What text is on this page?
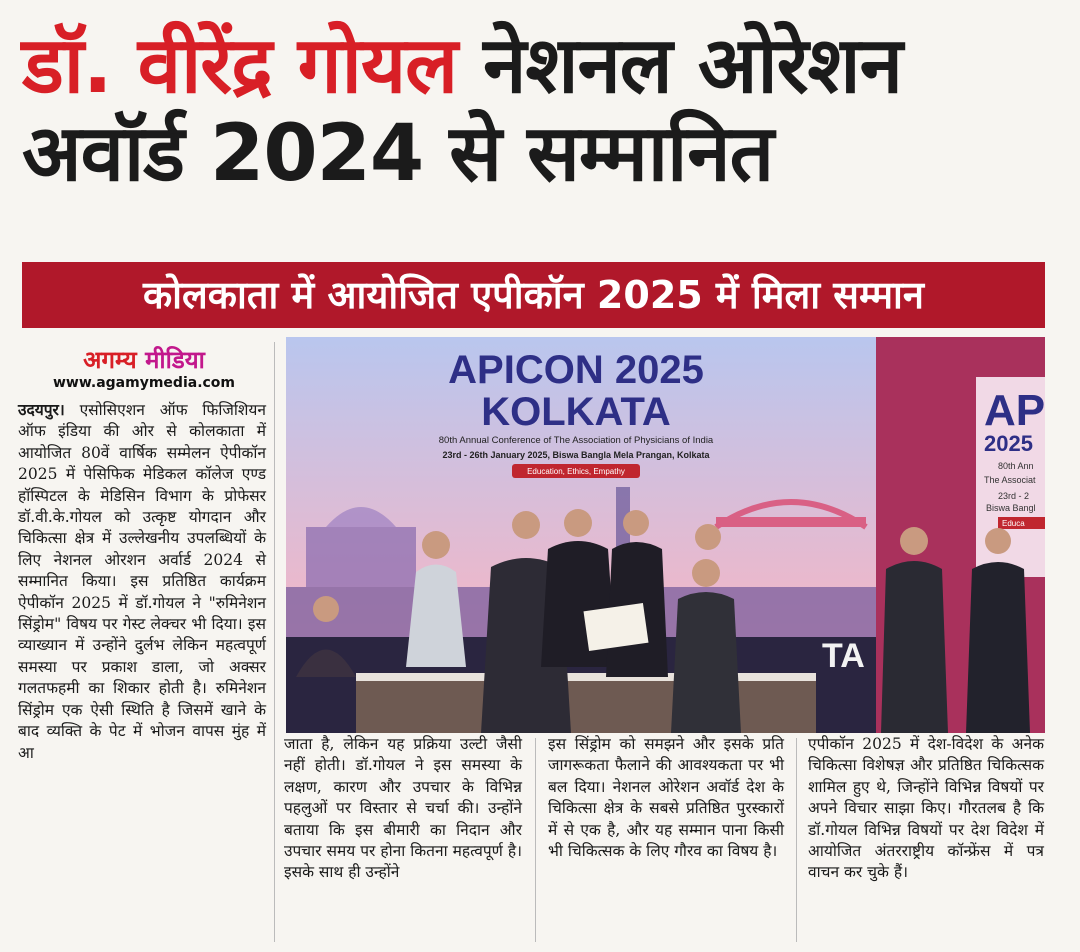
डॉ. वीरेंद्र गोयल नेशनल ओरेशन
अवॉर्ड 2024 से सम्मानित
कोलकाता में आयोजित एपीकॉन 2025 में मिला सम्मान
अगम्य मीडिया
www.agamymedia.com
उदयपुर। एसोसिएशन ऑफ फिजिशियन ऑफ इंडिया की ओर से कोलकाता में आयोजित 80वें वार्षिक सम्मेलन ऐपीकॉन 2025 में पेसिफिक मेडिकल कॉलेज एण्ड हॉस्पिटल के मेडिसिन विभाग के प्रोफेसर डॉ.वी.के.गोयल को उत्कृष्ट योगदान और चिकित्सा क्षेत्र में उल्लेखनीय उपलब्धियों के लिए नेशनल ओरशन अर्वार्ड 2024 से सम्मानित किया। इस प्रतिष्ठित कार्यक्रम ऐपीकॉन 2025 में डॉ.गोयल ने "रुमिनेशन सिंड्रोम" विषय पर गेस्ट लेक्चर भी दिया। इस व्याख्यान में उन्होंने दुर्लभ लेकिन महत्वपूर्ण समस्या पर प्रकाश डाला, जो अक्सर गलतफहमी का शिकार होती है। रुमिनेशन सिंड्रोम एक ऐसी स्थिति है जिसमें खाने के बाद व्यक्ति के पेट में भोजन वापस मुंह में आ
AP
2025
80th Ann
The Associat
23rd - 2
Biswa Bangl
Educa
APICON 2025
KOLKATA
80th Annual Conference of The Association of Physicians of India
23rd - 26th January 2025, Biswa Bangla Mela Prangan, Kolkata
Education, Ethics, Empathy
TA
जाता है, लेकिन यह प्रक्रिया उल्टी जैसी नहीं होती। डॉ.गोयल ने इस समस्या के लक्षण, कारण और उपचार के विभिन्न पहलुओं पर विस्तार से चर्चा की। उन्होंने बताया कि इस बीमारी का निदान और उपचार समय पर होना कितना महत्वपूर्ण है। इसके साथ ही उन्होंने
इस सिंड्रोम को समझने और इसके प्रति जागरूकता फैलाने की आवश्यकता पर भी बल दिया। नेशनल ओरेशन अवॉर्ड देश के चिकित्सा क्षेत्र के सबसे प्रतिष्ठित पुरस्कारों में से एक है, और यह सम्मान पाना किसी भी चिकित्सक के लिए गौरव का विषय है।
एपीकॉन 2025 में देश-विदेश के अनेक चिकित्सा विशेषज्ञ और प्रतिष्ठित चिकित्सक शामिल हुए थे, जिन्होंने विभिन्न विषयों पर अपने विचार साझा किए। गौरतलब है कि डॉ.गोयल विभिन्न विषयों पर देश विदेश में आयोजित अंतरराष्ट्रीय कॉन्फ्रेंस में पत्र वाचन कर चुके हैं।
